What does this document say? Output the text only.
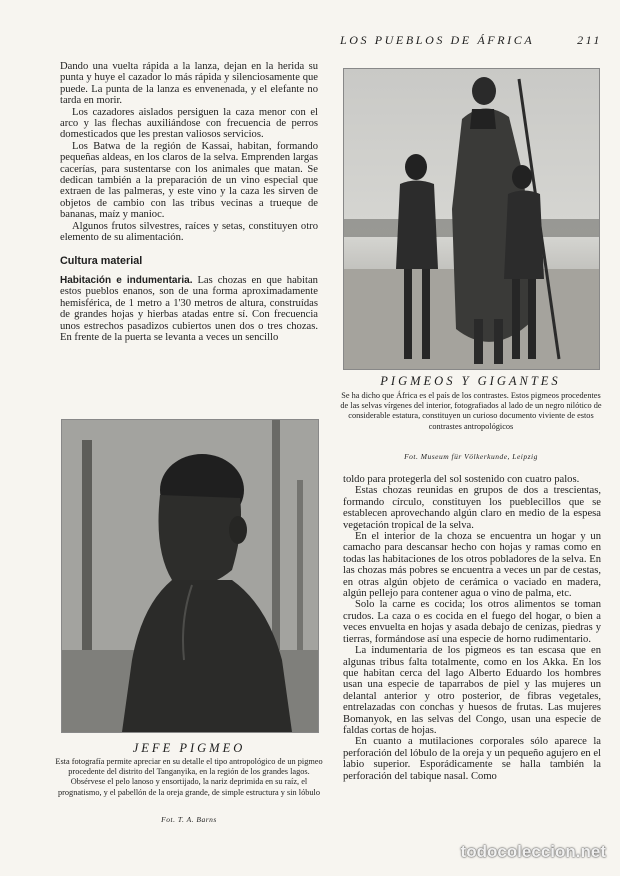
LOS PUEBLOS DE ÁFRICA	211

Dando una vuelta rápida a la lanza, dejan en la herida su punta y huye el cazador lo más rápida y silenciosamente que puede. La punta de la lanza es envenenada, y el elefante no tarda en morir.

Los cazadores aislados persiguen la caza menor con el arco y las flechas auxiliándose con frecuencia de perros domesticados que les prestan valiosos servicios.

Los Batwa de la región de Kassai, habitan, formando pequeñas aldeas, en los claros de la selva. Emprenden largas cacerías, para sustentarse con los animales que matan. Se dedican también a la preparación de un vino especial que extraen de las palmeras, y este vino y la caza les sirven de objetos de cambio con las tribus vecinas a trueque de bananas, maíz y manioc.

Algunos frutos silvestres, raíces y setas, constituyen otro elemento de su alimentación.

Cultura material

Habitación e indumentaria. Las chozas en que habitan estos pueblos enanos, son de una forma aproximadamente hemisférica, de 1 metro a 1'30 metros de altura, construídas de grandes hojas y hierbas atadas entre sí. Con frecuencia unos estrechos pasadizos cubiertos unen dos o tres chozas. En frente de la puerta se levanta a veces un sencillo

PIGMEOS Y GIGANTES
Se ha dicho que África es el país de los contrastes. Estos pigmeos procedentes de las selvas vírgenes del interior, fotografiados al lado de un negro nilótico de considerable estatura, constituyen un curioso documento viviente de estos contrastes antropológicos
Fot. Museum für Völkerkunde, Leipzig
JEFE PIGMEO
Esta fotografía permite apreciar en su detalle el tipo antropológico de un pigmeo procedente del distrito del Tanganyika, en la región de los grandes lagos. Obsérvese el pelo lanoso y ensortijado, la nariz deprimida en su raíz, el prognatismo, y el pabellón de la oreja grande, de simple estructura y sin lóbulo
Fot. T. A. Barns

toldo para protegerla del sol sostenido con cuatro palos.

Estas chozas reunidas en grupos de dos a trescientas, formando círculo, constituyen los pueblecillos que se establecen aprovechando algún claro en medio de la espesa vegetación tropical de la selva.

En el interior de la choza se encuentra un hogar y un camacho para descansar hecho con hojas y ramas como en todas las habitaciones de los otros pobladores de la selva. En las chozas más pobres se encuentra a veces un par de cestas, en otras algún objeto de cerámica o vaciado en madera, algún pellejo para contener agua o vino de palma, etc.

Solo la carne es cocida; los otros alimentos se toman crudos. La caza o es cocida en el fuego del hogar, o bien a veces envuelta en hojas y asada debajo de cenizas, piedras y tierras, formándose así una especie de horno rudimentario.

La indumentaria de los pigmeos es tan escasa que en algunas tribus falta totalmente, como en los Akka. En los que habitan cerca del lago Alberto Eduardo los hombres usan una especie de taparrabos de piel y las mujeres un delantal anterior y otro posterior, de fibras vegetales, entrelazadas con conchas y huesos de frutas. Las mujeres Bomanyok, en las selvas del Congo, usan una especie de faldas cortas de hojas.

En cuanto a mutilaciones corporales sólo aparece la perforación del lóbulo de la oreja y un pequeño agujero en el labio superior. Esporádicamente se halla también la perforación del tabique nasal. Como

todocoleccion.net
